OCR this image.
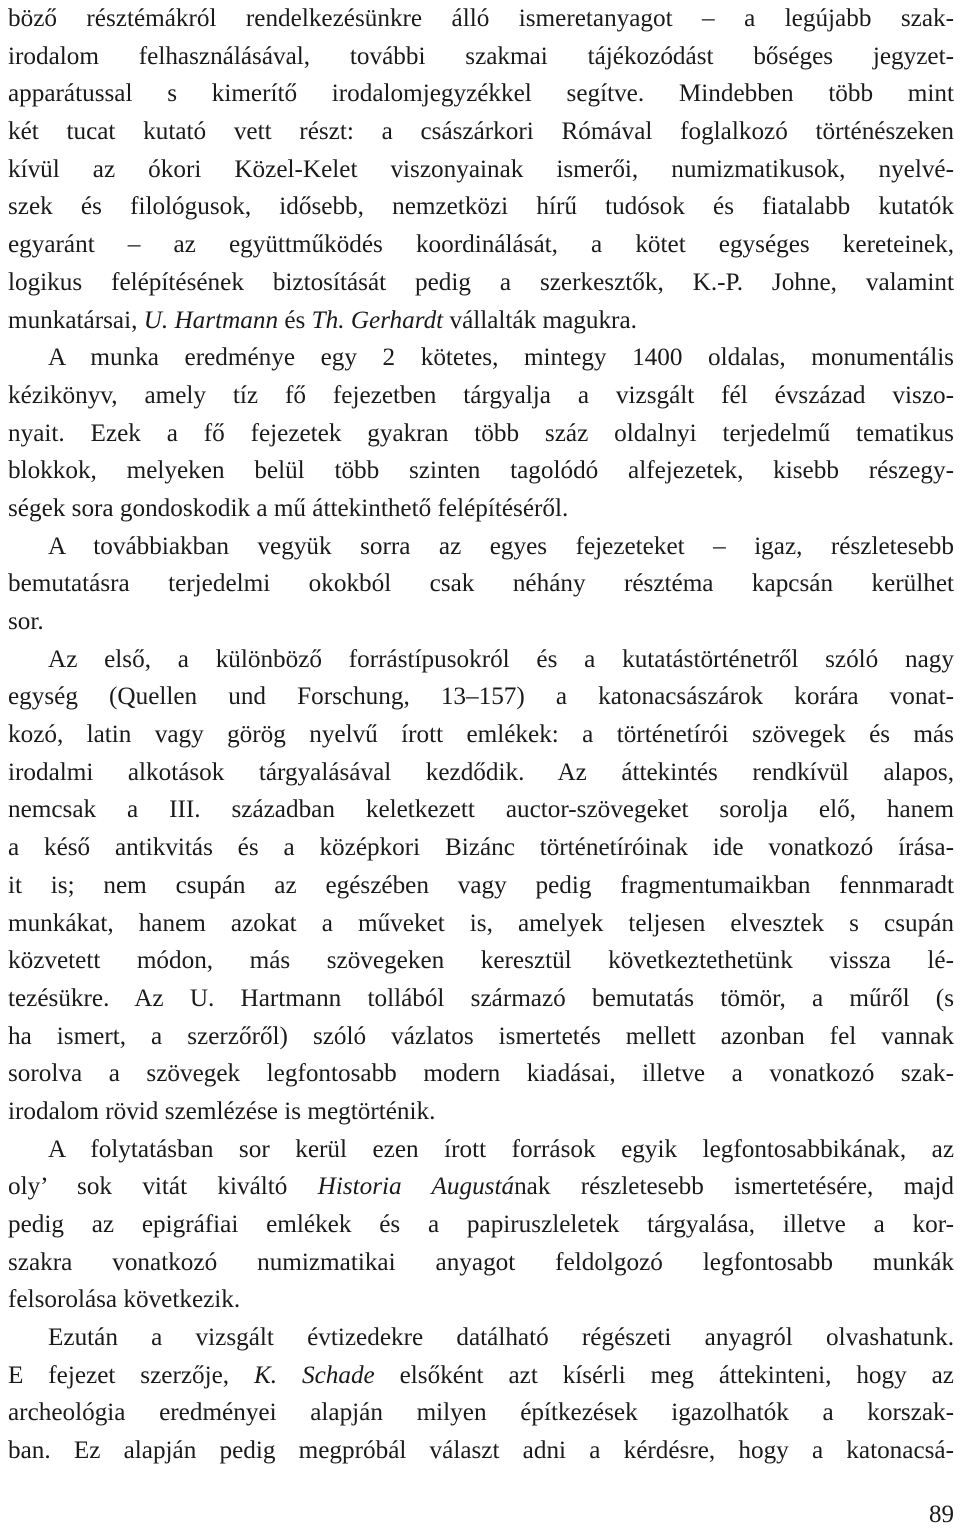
böző résztémákról rendelkezésünkre álló ismeretanyagot – a legújabb szak-
irodalom felhasználásával, további szakmai tájékozódást bőséges jegyzet-
apparátussal s kimerítő irodalomjegyzékkel segítve. Mindebben több mint
két tucat kutató vett részt: a császárkori Rómával foglalkozó történészeken
kívül az ókori Közel-Kelet viszonyainak ismerői, numizmatikusok, nyelvé-
szek és filológusok, idősebb, nemzetközi hírű tudósok és fiatalabb kutatók
egyaránt – az együttműködés koordinálását, a kötet egységes kereteinek,
logikus felépítésének biztosítását pedig a szerkesztők, K.-P. Johne, valamint
munkatársai, U. Hartmann és Th. Gerhardt vállalták magukra.
A munka eredménye egy 2 kötetes, mintegy 1400 oldalas, monumentális
kézikönyv, amely tíz fő fejezetben tárgyalja a vizsgált fél évszázad viszo-
nyait. Ezek a fő fejezetek gyakran több száz oldalnyi terjedelmű tematikus
blokkok, melyeken belül több szinten tagolódó alfejezetek, kisebb részegy-
ségek sora gondoskodik a mű áttekinthető felépítéséről.
A továbbiakban vegyük sorra az egyes fejezeteket – igaz, részletesebb
bemutatásra terjedelmi okokból csak néhány résztéma kapcsán kerülhet
sor.
Az első, a különböző forrástípusokról és a kutatástörténetről szóló nagy
egység (Quellen und Forschung, 13–157) a katonacsászárok korára vonat-
kozó, latin vagy görög nyelvű írott emlékek: a történetírói szövegek és más
irodalmi alkotások tárgyalásával kezdődik. Az áttekintés rendkívül alapos,
nemcsak a III. században keletkezett auctor-szövegeket sorolja elő, hanem
a késő antikvitás és a középkori Bizánc történetíróinak ide vonatkozó írása-
it is; nem csupán az egészében vagy pedig fragmentumaikban fennmaradt
munkákat, hanem azokat a műveket is, amelyek teljesen elvesztek s csupán
közvetett módon, más szövegeken keresztül következtethetünk vissza lé-
tezésükre. Az U. Hartmann tollából származó bemutatás tömör, a műről (s
ha ismert, a szerzőről) szóló vázlatos ismertetés mellett azonban fel vannak
sorolva a szövegek legfontosabb modern kiadásai, illetve a vonatkozó szak-
irodalom rövid szemlézése is megtörténik.
A folytatásban sor kerül ezen írott források egyik legfontosabbikának, az
oly’ sok vitát kiváltó Historia Augustának részletesebb ismertetésére, majd
pedig az epigráfiai emlékek és a papiruszleletek tárgyalása, illetve a kor-
szakra vonatkozó numizmatikai anyagot feldolgozó legfontosabb munkák
felsorolása következik.
Ezután a vizsgált évtizedekre datálható régészeti anyagról olvashatunk.
E fejezet szerzője, K. Schade elsőként azt kísérli meg áttekinteni, hogy az
archeológia eredményei alapján milyen építkezések igazolhatók a korszak-
ban. Ez alapján pedig megpróbál választ adni a kérdésre, hogy a katonacsá-
89
